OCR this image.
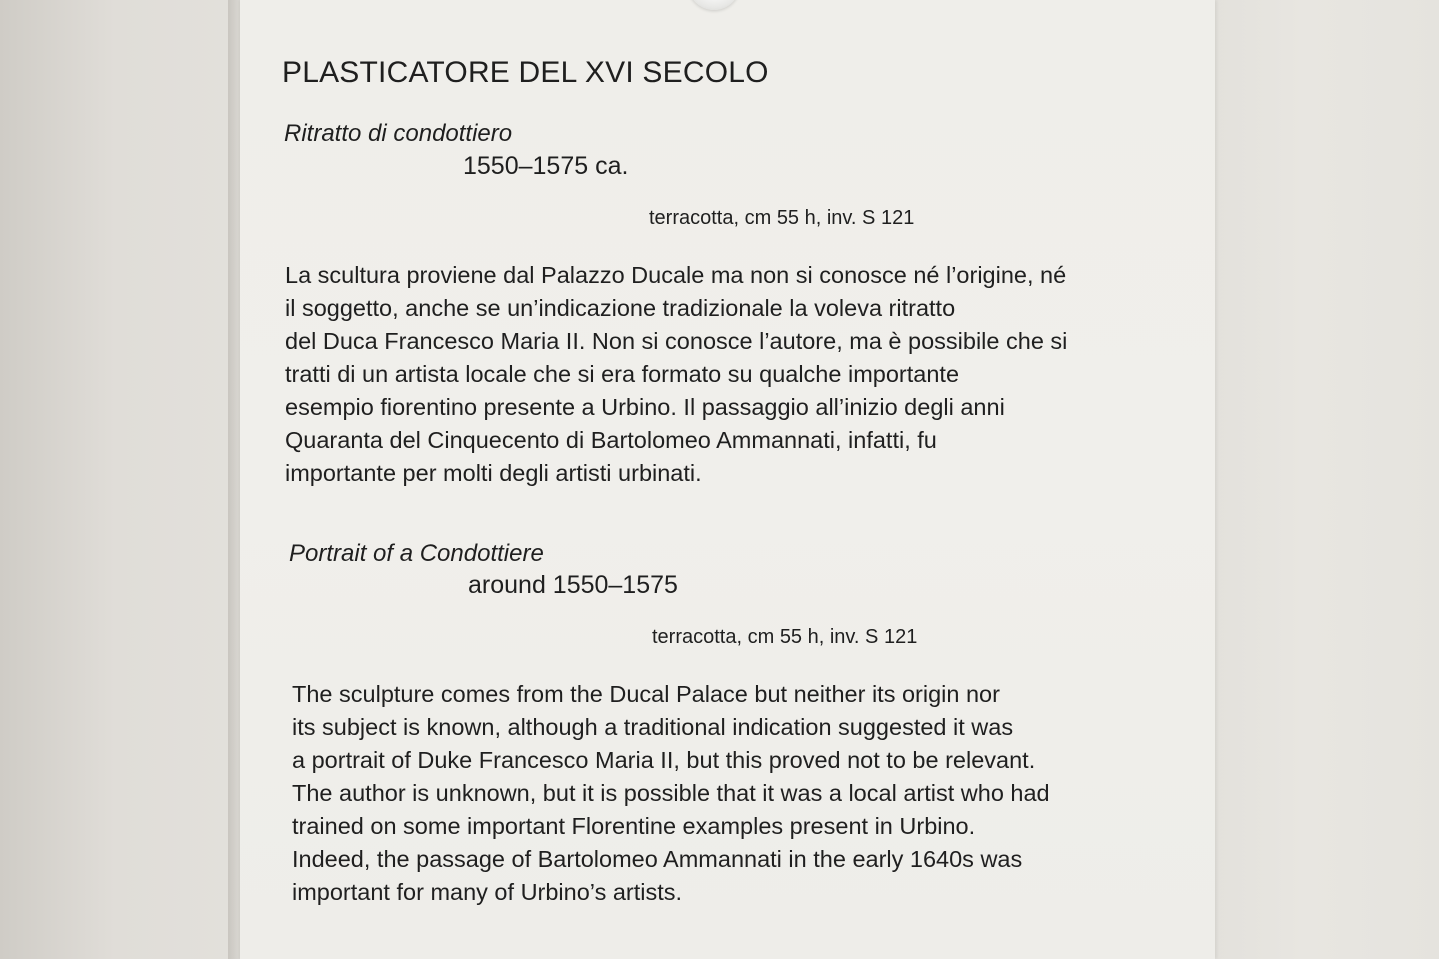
PLASTICATORE DEL XVI SECOLO
Ritratto di condottiero
1550–1575 ca.
terracotta, cm 55 h, inv. S 121
La scultura proviene dal Palazzo Ducale ma non si conosce né l’origine, né
il soggetto, anche se un’indicazione tradizionale la voleva ritratto
del Duca Francesco Maria II. Non si conosce l’autore, ma è possibile che si
tratti di un artista locale che si era formato su qualche importante
esempio fiorentino presente a Urbino. Il passaggio all’inizio degli anni
Quaranta del Cinquecento di Bartolomeo Ammannati, infatti, fu
importante per molti degli artisti urbinati.
Portrait of a Condottiere
around 1550–1575
terracotta, cm 55 h, inv. S 121
The sculpture comes from the Ducal Palace but neither its origin nor
its subject is known, although a traditional indication suggested it was
a portrait of Duke Francesco Maria II, but this proved not to be relevant.
The author is unknown, but it is possible that it was a local artist who had
trained on some important Florentine examples present in Urbino.
Indeed, the passage of Bartolomeo Ammannati in the early 1640s was
important for many of Urbino’s artists.
